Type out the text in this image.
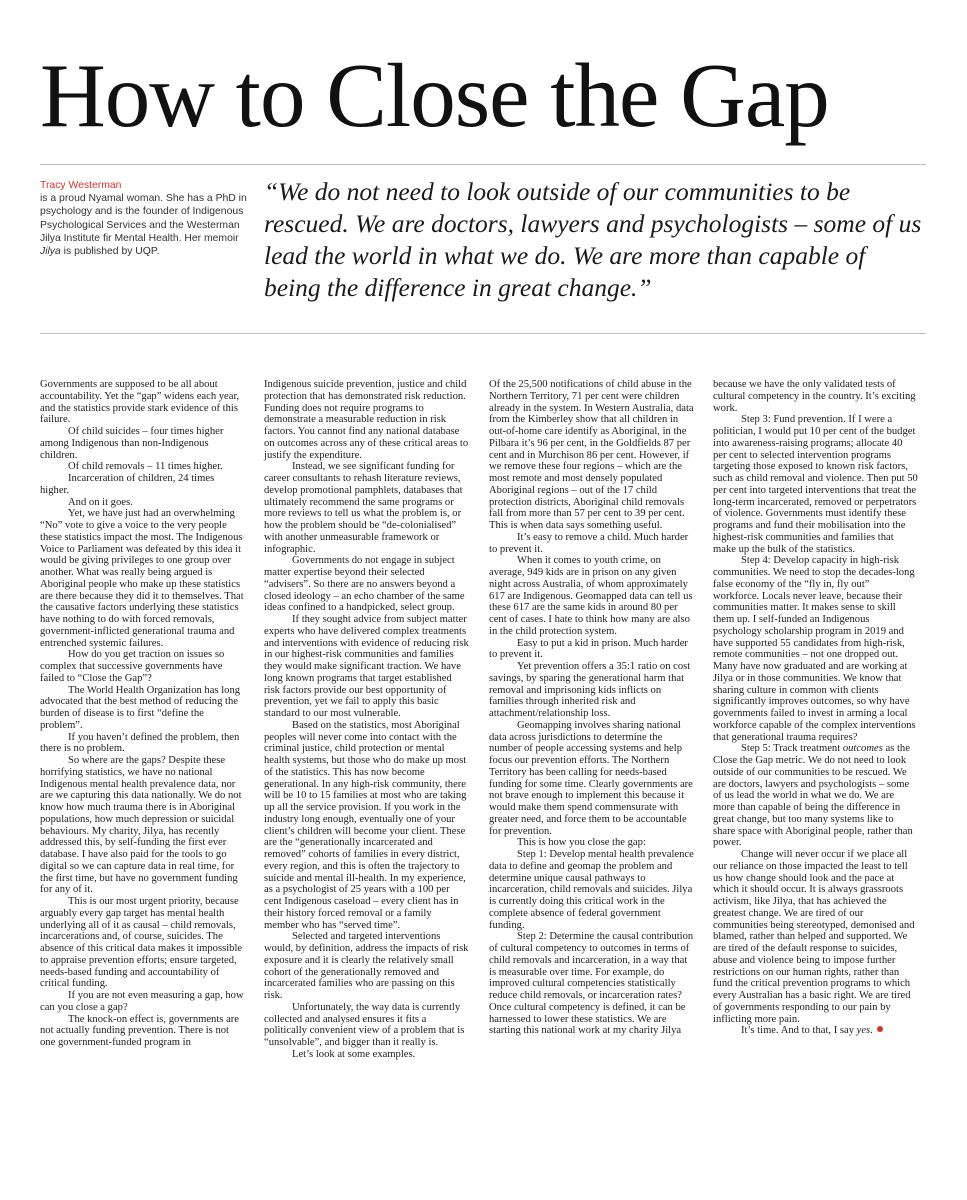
How to Close the Gap
Tracy Westerman
is a proud Nyamal woman. She has a PhD in psychology and is the founder of Indigenous Psychological Services and the Westerman Jilya Institute fir Mental Health. Her memoir Jilya is published by UQP.
“We do not need to look outside of our communities to be rescued. We are doctors, lawyers and psychologists – some of us lead the world in what we do. We are more than capable of being the difference in great change.”

Governments are supposed to be all about accountability. Yet the “gap” widens each year, and the statistics provide stark evidence of this failure.

Of child suicides – four times higher among Indigenous than non-Indigenous children.

Of child removals – 11 times higher.

Incarceration of children, 24 times higher.

And on it goes.

Yet, we have just had an overwhelming “No” vote to give a voice to the very people these statistics impact the most. The Indigenous Voice to Parliament was defeated by this idea it would be giving privileges to one group over another. What was really being argued is Aboriginal people who make up these statistics are there because they did it to themselves. That the causative factors underlying these statistics have nothing to do with forced removals, government-inflicted generational trauma and entrenched systemic failures.

How do you get traction on issues so complex that successive governments have failed to “Close the Gap”?

The World Health Organization has long advocated that the best method of reducing the burden of disease is to first “define the problem”.

If you haven’t defined the problem, then there is no problem.

So where are the gaps? Despite these horrifying statistics, we have no national Indigenous mental health prevalence data, nor are we capturing this data nationally. We do not know how much trauma there is in Aboriginal populations, how much depression or suicidal behaviours. My charity, Jilya, has recently addressed this, by self-funding the first ever database. I have also paid for the tools to go digital so we can capture data in real time, for the first time, but have no government funding for any of it.

This is our most urgent priority, because arguably every gap target has mental health underlying all of it as causal – child removals, incarcerations and, of course, suicides. The absence of this critical data makes it impossible to appraise prevention efforts; ensure targeted, needs-based funding and accountability of critical funding.

If you are not even measuring a gap, how can you close a gap?

The knock-on effect is, governments are not actually funding prevention. There is not one government-funded program in

Indigenous suicide prevention, justice and child protection that has demonstrated risk reduction. Funding does not require programs to demonstrate a measurable reduction in risk factors. You cannot find any national database on outcomes across any of these critical areas to justify the expenditure.

Instead, we see significant funding for career consultants to rehash literature reviews, develop promotional pamphlets, databases that ultimately recommend the same programs or more reviews to tell us what the problem is, or how the problem should be “de-colonialised” with another unmeasurable framework or infographic.

Governments do not engage in subject matter expertise beyond their selected “advisers”. So there are no answers beyond a closed ideology – an echo chamber of the same ideas confined to a handpicked, select group.

If they sought advice from subject matter experts who have delivered complex treatments and interventions with evidence of reducing risk in our highest-risk communities and families they would make significant traction. We have long known programs that target established risk factors provide our best opportunity of prevention, yet we fail to apply this basic standard to our most vulnerable.

Based on the statistics, most Aboriginal peoples will never come into contact with the criminal justice, child protection or mental health systems, but those who do make up most of the statistics. This has now become generational. In any high-risk community, there will be 10 to 15 families at most who are taking up all the service provision. If you work in the industry long enough, eventually one of your client’s children will become your client. These are the “generationally incarcerated and removed” cohorts of families in every district, every region, and this is often the trajectory to suicide and mental ill-health. In my experience, as a psychologist of 25 years with a 100 per cent Indigenous caseload – every client has in their history forced removal or a family member who has “served time”.

Selected and targeted interventions would, by definition, address the impacts of risk exposure and it is clearly the relatively small cohort of the generationally removed and incarcerated families who are passing on this risk.

Unfortunately, the way data is currently collected and analysed ensures it fits a politically convenient view of a problem that is “unsolvable”, and bigger than it really is.

Let’s look at some examples.

Of the 25,500 notifications of child abuse in the Northern Territory, 71 per cent were children already in the system. In Western Australia, data from the Kimberley show that all children in out-of-home care identify as Aboriginal, in the Pilbara it’s 96 per cent, in the Goldfields 87 per cent and in Murchison 86 per cent. However, if we remove these four regions – which are the most remote and most densely populated Aboriginal regions – out of the 17 child protection districts, Aboriginal child removals fall from more than 57 per cent to 39 per cent. This is when data says something useful.

It’s easy to remove a child. Much harder to prevent it.

When it comes to youth crime, on average, 949 kids are in prison on any given night across Australia, of whom approximately 617 are Indigenous. Geomapped data can tell us these 617 are the same kids in around 80 per cent of cases. I hate to think how many are also in the child protection system.

Easy to put a kid in prison. Much harder to prevent it.

Yet prevention offers a 35:1 ratio on cost savings, by sparing the generational harm that removal and imprisoning kids inflicts on families through inherited risk and attachment/relationship loss.

Geomapping involves sharing national data across jurisdictions to determine the number of people accessing systems and help focus our prevention efforts. The Northern Territory has been calling for needs-based funding for some time. Clearly governments are not brave enough to implement this because it would make them spend commensurate with greater need, and force them to be accountable for prevention.

This is how you close the gap:

Step 1: Develop mental health prevalence data to define and geomap the problem and determine unique causal pathways to incarceration, child removals and suicides. Jilya is currently doing this critical work in the complete absence of federal government funding.

Step 2: Determine the causal contribution of cultural competency to outcomes in terms of child removals and incarceration, in a way that is measurable over time. For example, do improved cultural competencies statistically reduce child removals, or incarceration rates? Once cultural competency is defined, it can be harnessed to lower these statistics. We are starting this national work at my charity Jilya

because we have the only validated tests of cultural competency in the country. It’s exciting work.

Step 3: Fund prevention. If I were a politician, I would put 10 per cent of the budget into awareness-raising programs; allocate 40 per cent to selected intervention programs targeting those exposed to known risk factors, such as child removal and violence. Then put 50 per cent into targeted interventions that treat the long-term incarcerated, removed or perpetrators of violence. Governments must identify these programs and fund their mobilisation into the highest-risk communities and families that make up the bulk of the statistics.

Step 4: Develop capacity in high-risk communities. We need to stop the decades-long false economy of the “fly in, fly out” workforce. Locals never leave, because their communities matter. It makes sense to skill them up. I self-funded an Indigenous psychology scholarship program in 2019 and have supported 55 candidates from high-risk, remote communities – not one dropped out. Many have now graduated and are working at Jilya or in those communities. We know that sharing culture in common with clients significantly improves outcomes, so why have governments failed to invest in arming a local workforce capable of the complex interventions that generational trauma requires?

Step 5: Track treatment outcomes as the Close the Gap metric. We do not need to look outside of our communities to be rescued. We are doctors, lawyers and psychologists – some of us lead the world in what we do. We are more than capable of being the difference in great change, but too many systems like to share space with Aboriginal people, rather than power.

Change will never occur if we place all our reliance on those impacted the least to tell us how change should look and the pace at which it should occur. It is always grassroots activism, like Jilya, that has achieved the greatest change. We are tired of our communities being stereotyped, demonised and blamed, rather than helped and supported. We are tired of the default response to suicides, abuse and violence being to impose further restrictions on our human rights, rather than fund the critical prevention programs to which every Australian has a basic right. We are tired of governments responding to our pain by inflicting more pain.

It’s time. And to that, I say yes.
